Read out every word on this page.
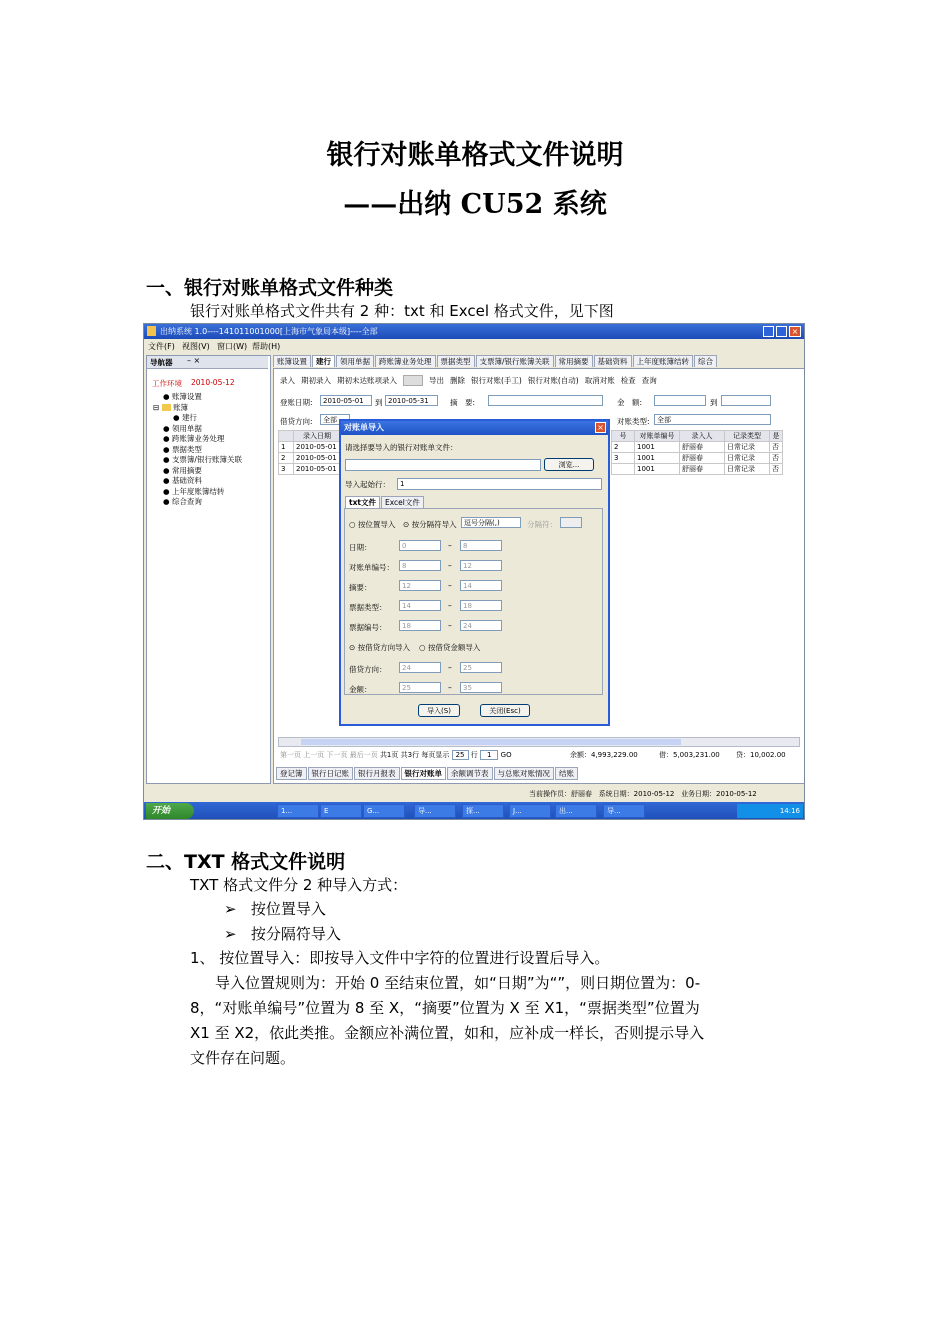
银行对账单格式文件说明
——出纳 CU52 系统
一、银行对账单格式文件种类
银行对账单格式文件共有 2 种：txt 和 Excel 格式文件，见下图
出纳系统 1.0----141011001000[上海市气象局本级]----全部	×
文件(F) 视图(V) 窗口(W) 帮助(H)
导航器 – ×
工作环境 2010-05-12
● 账簿设置
⊟  账簿
● 建行
● 领用单据
● 跨账簿业务处理
● 票据类型
● 支票簿/银行账簿关联
● 常用摘要
● 基础资料
● 上年度账簿结转
● 综合查询
账簿设置 建行 领用单据 跨账簿业务处理 票据类型 支票簿/银行账簿关联 常用摘要 基础资料 上年度账簿结转 综合
录入 期初录入 期初未达账项录入	导出 删除 银行对账(手工) 银行对账(自动) 取消对账 检查 查询
登账日期:	2010-05-01	到 2010-05-31	摘　要:	金　额:	到
借贷方向:	全部	对账类型:	全部
	录入日期
1	2010-05-01
2	2010-05-01
3	2010-05-01
号	对账单编号	录入人	记录类型	是
2	1001	舒丽春	日常记录	否
3	1001	舒丽春	日常记录	否
	1001	舒丽春	日常记录	否
第一页 上一页 下一页 最后一页 共1页 共3行 每页显示 25 行 1 GO	余额：4,993,229.00	借：5,003,231.00 贷：10,002.00
登记簿 银行日记账 银行月报表 银行对账单 余额调节表 与总账对账情况 结账
当前操作员：舒丽春 系统日期：2010-05-12 业务日期：2010-05-12
对账单导入	×
请选择要导入的银行对账单文件：
浏览...
导入起始行：	1
txt文件 Excel文件
○ 按位置导入 ⊙ 按分隔符导入	逗号分隔(,)	分隔符：
⊙ 按借贷方向导入 ○ 按借贷金额导入
导入(S)	关闭(Esc)
日期：	0	–	8
对账单编号：	8	–	12
摘要：	12	–	14
票据类型：	14	–	18
票据编号：	18	–	24
借贷方向：	24	–	25
金额：	25	–	35
开始	14:16
1...	E	G...	导...	探...	J...	出...	导...
二、TXT 格式文件说明
TXT 格式文件分 2 种导入方式：
➢ 按位置导入
➢ 按分隔符导入
1、 按位置导入：即按导入文件中字符的位置进行设置后导入。
导入位置规则为：开始 0 至结束位置，如“日期”为“”，则日期位置为：0-
8，“对账单编号”位置为 8 至 X，“摘要”位置为 X 至 X1，“票据类型”位置为
X1 至 X2，依此类推。金额应补满位置，如和，应补成一样长，否则提示导入
文件存在问题。
